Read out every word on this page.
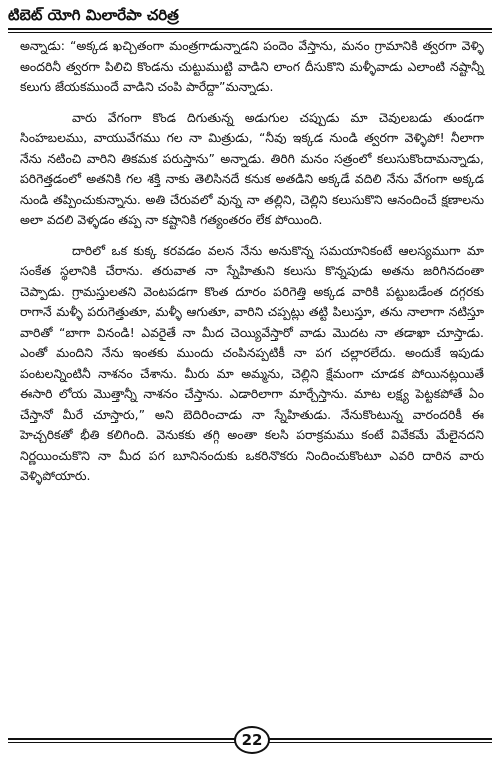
టిబెట్ యోగి మిలారేపా చరిత్ర

అన్నాడు: “అక్కడ ఖచ్చితంగా మంత్రగాడున్నాడని పందెం వేస్తాను, మనం గ్రామానికి త్వరగా వెళ్ళి అందరినీ త్వరగా పిలిచి కొండను చుట్టుముట్టి వాడిని లాంగ దీసుకొని మళ్ళీవాడు ఎలాంటి నష్టాన్నీ కలుగు జేయకముందే వాడిని చంపి పారేద్దా”మన్నాడు.

వారు వేగంగా కొండ దిగుతున్న అడుగుల చప్పుడు మా చెవులబడు తుండగా సింహబలము, వాయువేగము గల నా మిత్రుడు, “నీవు ఇక్కడ నుండి త్వరగా వెళ్ళిపో! నీలాగా నేను నటించి వారిని తికమక పరుస్తాను” అన్నాడు. తిరిగి మనం సత్రంలో కలుసుకొందామన్నాడు, పరిగెత్తడంలో అతనికి గల శక్తి నాకు తెలిసినదే కనుక అతడిని అక్కడే వదిలి నేను వేగంగా అక్కడ నుండి తప్పించుకున్నాను. అతి చేరువలో వున్న నా తల్లిని, చెల్లిని కలుసుకొని ఆనందించే క్షణాలను అలా వదలి వెళ్ళడం తప్ప నా కష్టానికి గత్యంతరం లేక పోయింది.

దారిలో ఒక కుక్క కరవడం వలన నేను అనుకొన్న సమయానికంటే ఆలస్యముగా మా సంకేత స్థలానికి చేరాను. తరువాత నా స్నేహితుని కలుసు కొన్నపుడు అతను జరిగినదంతా చెప్పాడు. గ్రామస్తులతని వెంటపడగా కొంత దూరం పరిగెత్తి అక్కడ వారికి పట్టుబడేంత దగ్గరకు రాగానే మళ్ళీ పరుగెత్తుతూ, మళ్ళీ ఆగుతూ, వారిని చప్పట్లు తట్టి పిలుస్తూ, తను నాలాగా నటిస్తూ వారితో “బాగా వినండి! ఎవరైతే నా మీద చెయ్యివేస్తారో వాడు మొదట నా తడాఖా చూస్తాడు. ఎంతో మందిని నేను ఇంతకు ముందు చంపినప్పటికీ నా పగ చల్లారలేదు. అందుకే ఇపుడు పంటలన్నింటినీ నాశనం చేశాను. మీరు మా అమ్మను, చెల్లిని క్షేమంగా చూడక పోయినట్లయితే ఈసారి లోయ మొత్తాన్నీ నాశనం చేస్తాను. ఎడారిలాగా మార్చేస్తాను. మాట లక్ష్య పెట్టకపోతే ఏం చేస్తానో మీరే చూస్తారు,” అని బెదిరించాడు నా స్నేహితుడు. నేనుకొంటున్న వారందరికీ ఈ హెచ్చరికతో భీతి కలిగింది. వెనుకకు తగ్గి అంతా కలసి పరాక్రమము కంటే వివేకమే మేలైనదని నిర్ణయించుకొని నా మీద పగ బూనినందుకు ఒకరినొకరు నిందించుకొంటూ ఎవరి దారిన వారు వెళ్ళిపోయారు.

22
